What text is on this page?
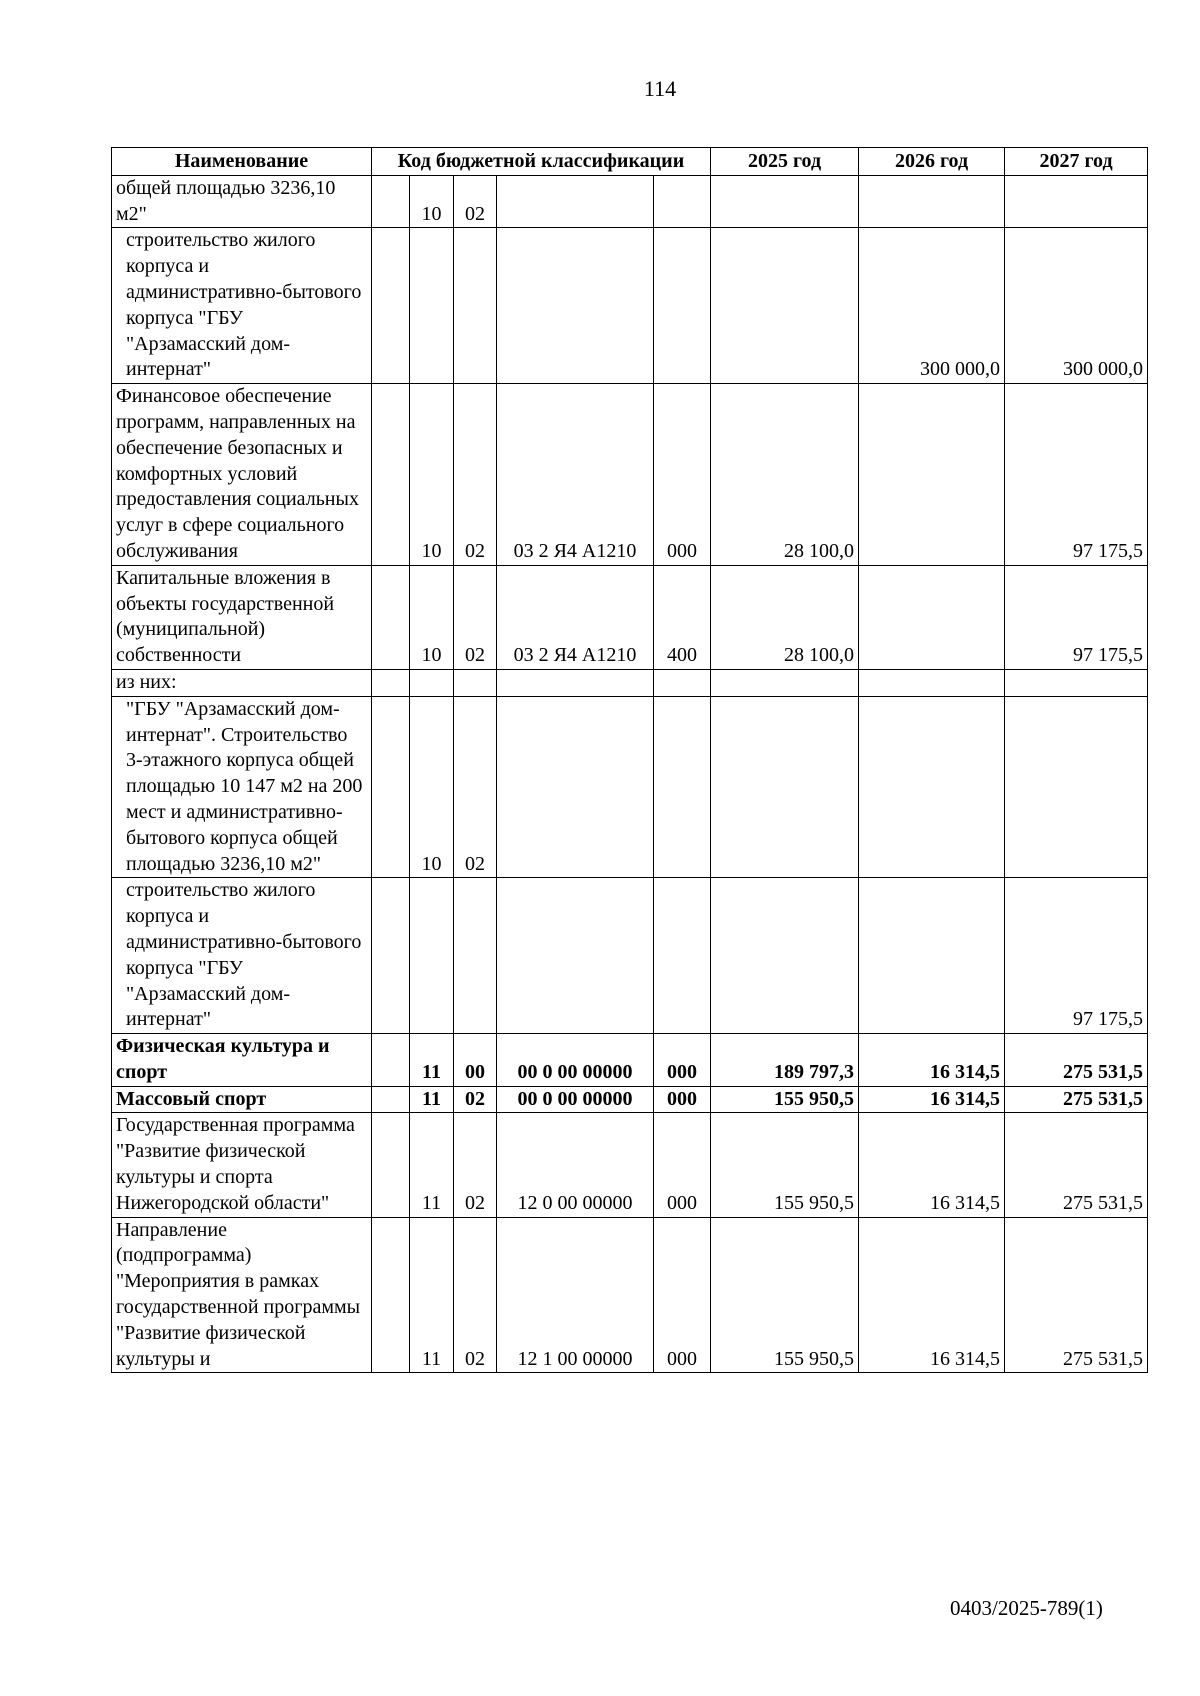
114
Наименование	Код бюджетной классификации					2025 год	2026 год	2027 год
общей площадью 3236,10 м2"		10	02					
строительство жилого корпуса и административно-бытового корпуса "ГБУ "Арзамасский дом-интернат"							300 000,0	300 000,0
Финансовое обеспечение программ, направленных на обеспечение безопасных и комфортных условий предоставления социальных услуг в сфере социального обслуживания		10	02	03 2 Я4 А1210	000	28 100,0		97 175,5
Капитальные вложения в объекты государственной (муниципальной) собственности		10	02	03 2 Я4 А1210	400	28 100,0		97 175,5
из них:								
"ГБУ "Арзамасский дом-интернат". Строительство 3-этажного корпуса общей площадью 10 147 м2 на 200 мест и административно-бытового корпуса общей площадью 3236,10 м2"		10	02					
строительство жилого корпуса и административно-бытового корпуса "ГБУ "Арзамасский дом-интернат"								97 175,5
Физическая культура и спорт		11	00	00 0 00 00000	000	189 797,3	16 314,5	275 531,5
Массовый спорт		11	02	00 0 00 00000	000	155 950,5	16 314,5	275 531,5
Государственная программа "Развитие физической культуры и спорта Нижегородской области"		11	02	12 0 00 00000	000	155 950,5	16 314,5	275 531,5
Направление (подпрограмма) "Мероприятия в рамках государственной программы "Развитие физической культуры и		11	02	12 1 00 00000	000	155 950,5	16 314,5	275 531,5
0403/2025-789(1)
